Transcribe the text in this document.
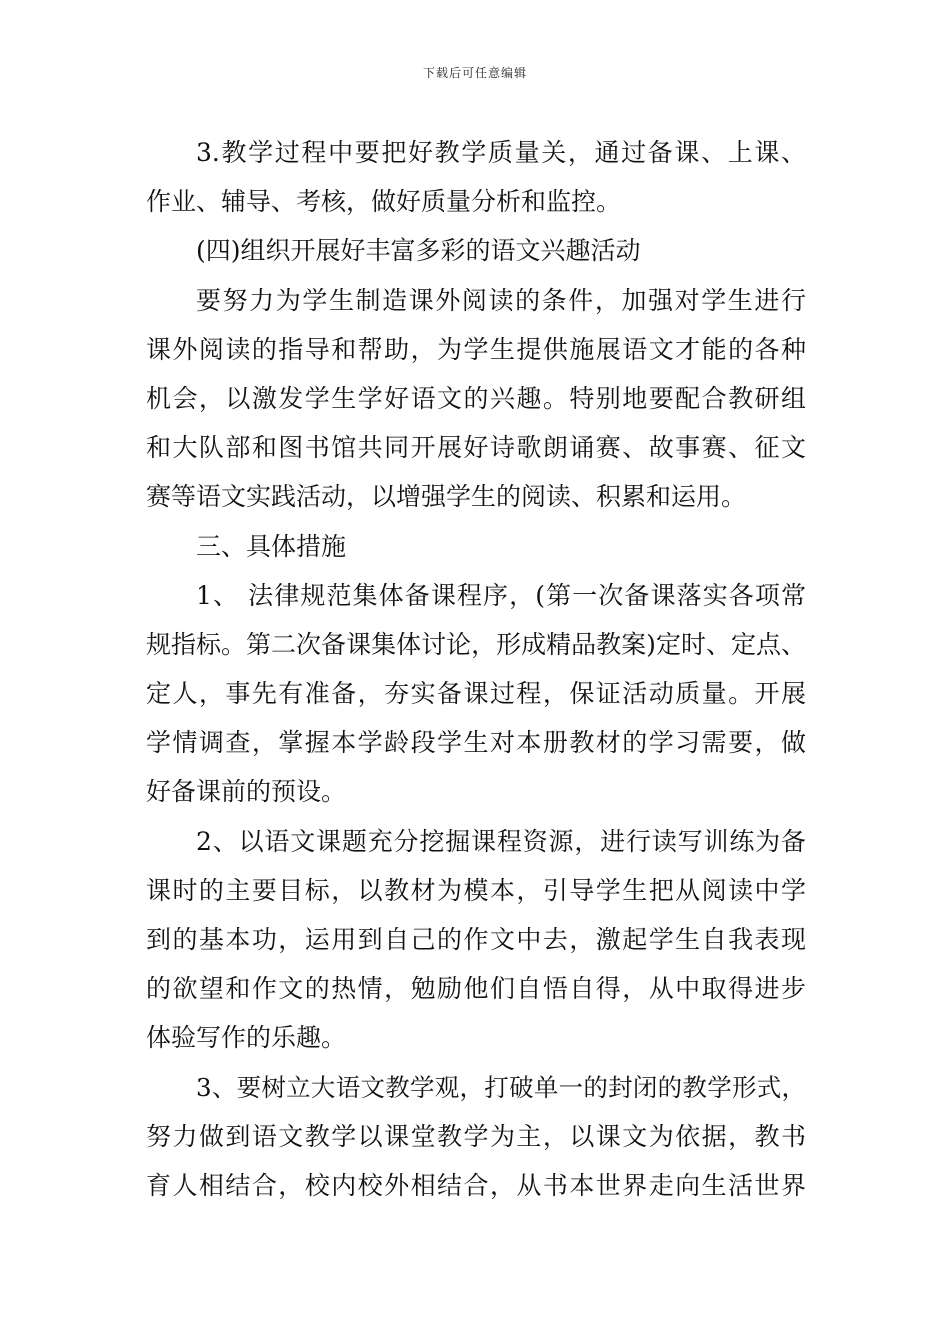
下载后可任意编辑
3.教学过程中要把好教学质量关，通过备课、上课、
作业、辅导、考核，做好质量分析和监控。
(四)组织开展好丰富多彩的语文兴趣活动
要努力为学生制造课外阅读的条件，加强对学生进行
课外阅读的指导和帮助，为学生提供施展语文才能的各种
机会，以激发学生学好语文的兴趣。特别地要配合教研组
和大队部和图书馆共同开展好诗歌朗诵赛、故事赛、征文
赛等语文实践活动，以增强学生的阅读、积累和运用。
三、具体措施
1、 法律规范集体备课程序，(第一次备课落实各项常
规指标。第二次备课集体讨论，形成精品教案)定时、定点、
定人，事先有准备，夯实备课过程，保证活动质量。开展
学情调查，掌握本学龄段学生对本册教材的学习需要，做
好备课前的预设。
2、以语文课题充分挖掘课程资源，进行读写训练为备
课时的主要目标，以教材为模本，引导学生把从阅读中学
到的基本功，运用到自己的作文中去，激起学生自我表现
的欲望和作文的热情，勉励他们自悟自得，从中取得进步
体验写作的乐趣。
3、要树立大语文教学观，打破单一的封闭的教学形式，
努力做到语文教学以课堂教学为主，以课文为依据，教书
育人相结合，校内校外相结合，从书本世界走向生活世界
